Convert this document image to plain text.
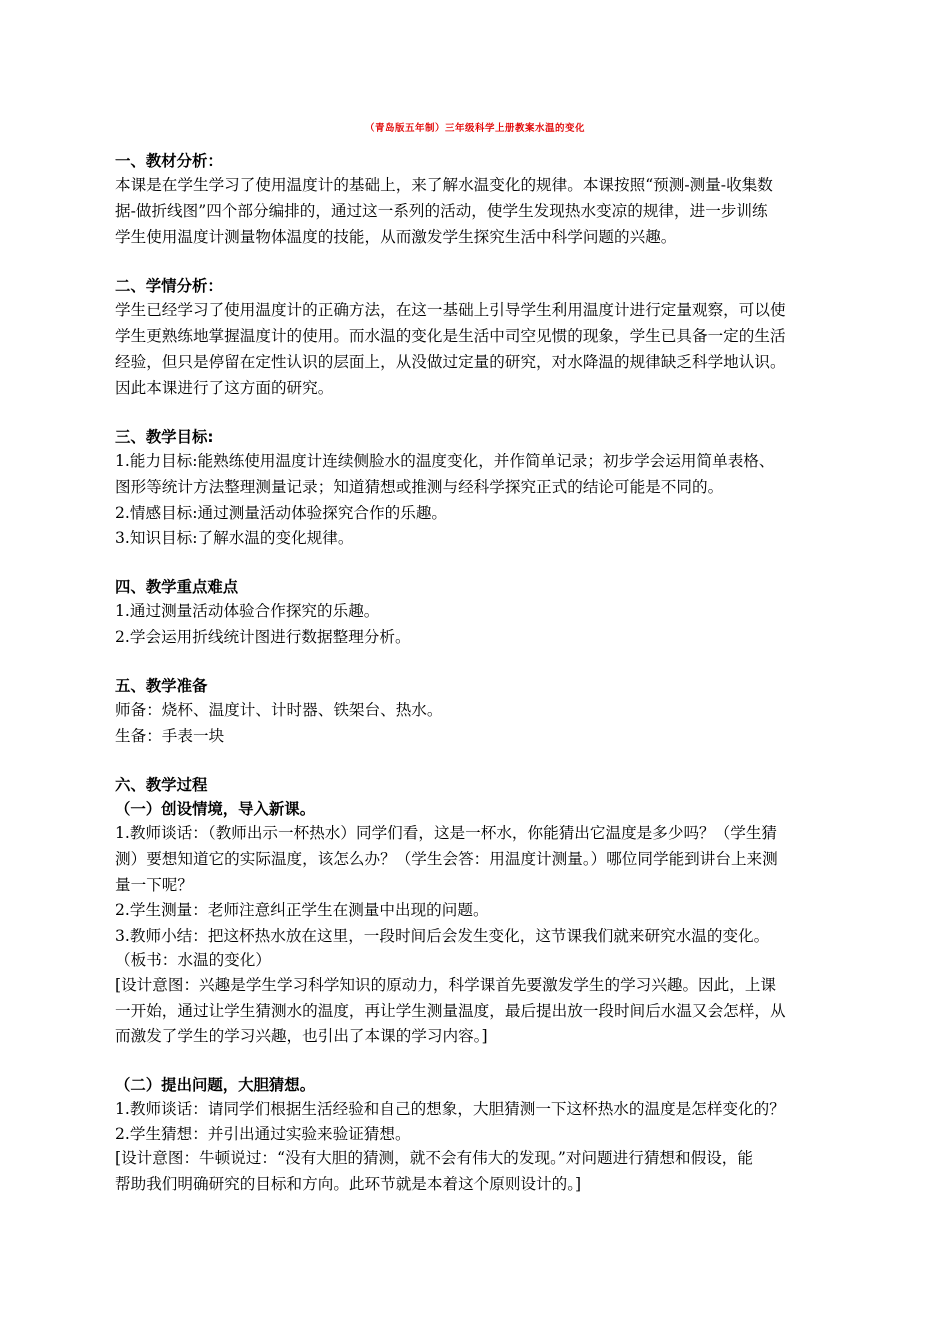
（青岛版五年制）三年级科学上册教案水温的变化
一、教材分析：
本课是在学生学习了使用温度计的基础上，来了解水温变化的规律。本课按照“预测-测量-收集数
据-做折线图”四个部分编排的，通过这一系列的活动，使学生发现热水变凉的规律，进一步训练
学生使用温度计测量物体温度的技能，从而激发学生探究生活中科学问题的兴趣。
二、学情分析：
学生已经学习了使用温度计的正确方法，在这一基础上引导学生利用温度计进行定量观察，可以使
学生更熟练地掌握温度计的使用。而水温的变化是生活中司空见惯的现象，学生已具备一定的生活
经验，但只是停留在定性认识的层面上，从没做过定量的研究，对水降温的规律缺乏科学地认识。
因此本课进行了这方面的研究。
三、教学目标:
1.能力目标:能熟练使用温度计连续侧脸水的温度变化，并作简单记录；初步学会运用简单表格、
图形等统计方法整理测量记录；知道猜想或推测与经科学探究正式的结论可能是不同的。
2.情感目标:通过测量活动体验探究合作的乐趣。
3.知识目标:了解水温的变化规律。
四、教学重点难点
1.通过测量活动体验合作探究的乐趣。
2.学会运用折线统计图进行数据整理分析。
五、教学准备
师备：烧杯、温度计、计时器、铁架台、热水。
生备：手表一块
六、教学过程
（一）创设情境，导入新课。
1.教师谈话：（教师出示一杯热水）同学们看，这是一杯水，你能猜出它温度是多少吗？（学生猜
测）要想知道它的实际温度，该怎么办？（学生会答：用温度计测量。）哪位同学能到讲台上来测
量一下呢？
2.学生测量：老师注意纠正学生在测量中出现的问题。
3.教师小结：把这杯热水放在这里，一段时间后会发生变化，这节课我们就来研究水温的变化。
（板书：水温的变化）
[设计意图：兴趣是学生学习科学知识的原动力，科学课首先要激发学生的学习兴趣。因此，上课
一开始，通过让学生猜测水的温度，再让学生测量温度，最后提出放一段时间后水温又会怎样，从
而激发了学生的学习兴趣，也引出了本课的学习内容。]
（二）提出问题，大胆猜想。
1.教师谈话：请同学们根据生活经验和自己的想象，大胆猜测一下这杯热水的温度是怎样变化的？
2.学生猜想：并引出通过实验来验证猜想。
[设计意图：牛顿说过：“没有大胆的猜测，就不会有伟大的发现。”对问题进行猜想和假设，能
帮助我们明确研究的目标和方向。此环节就是本着这个原则设计的。]
